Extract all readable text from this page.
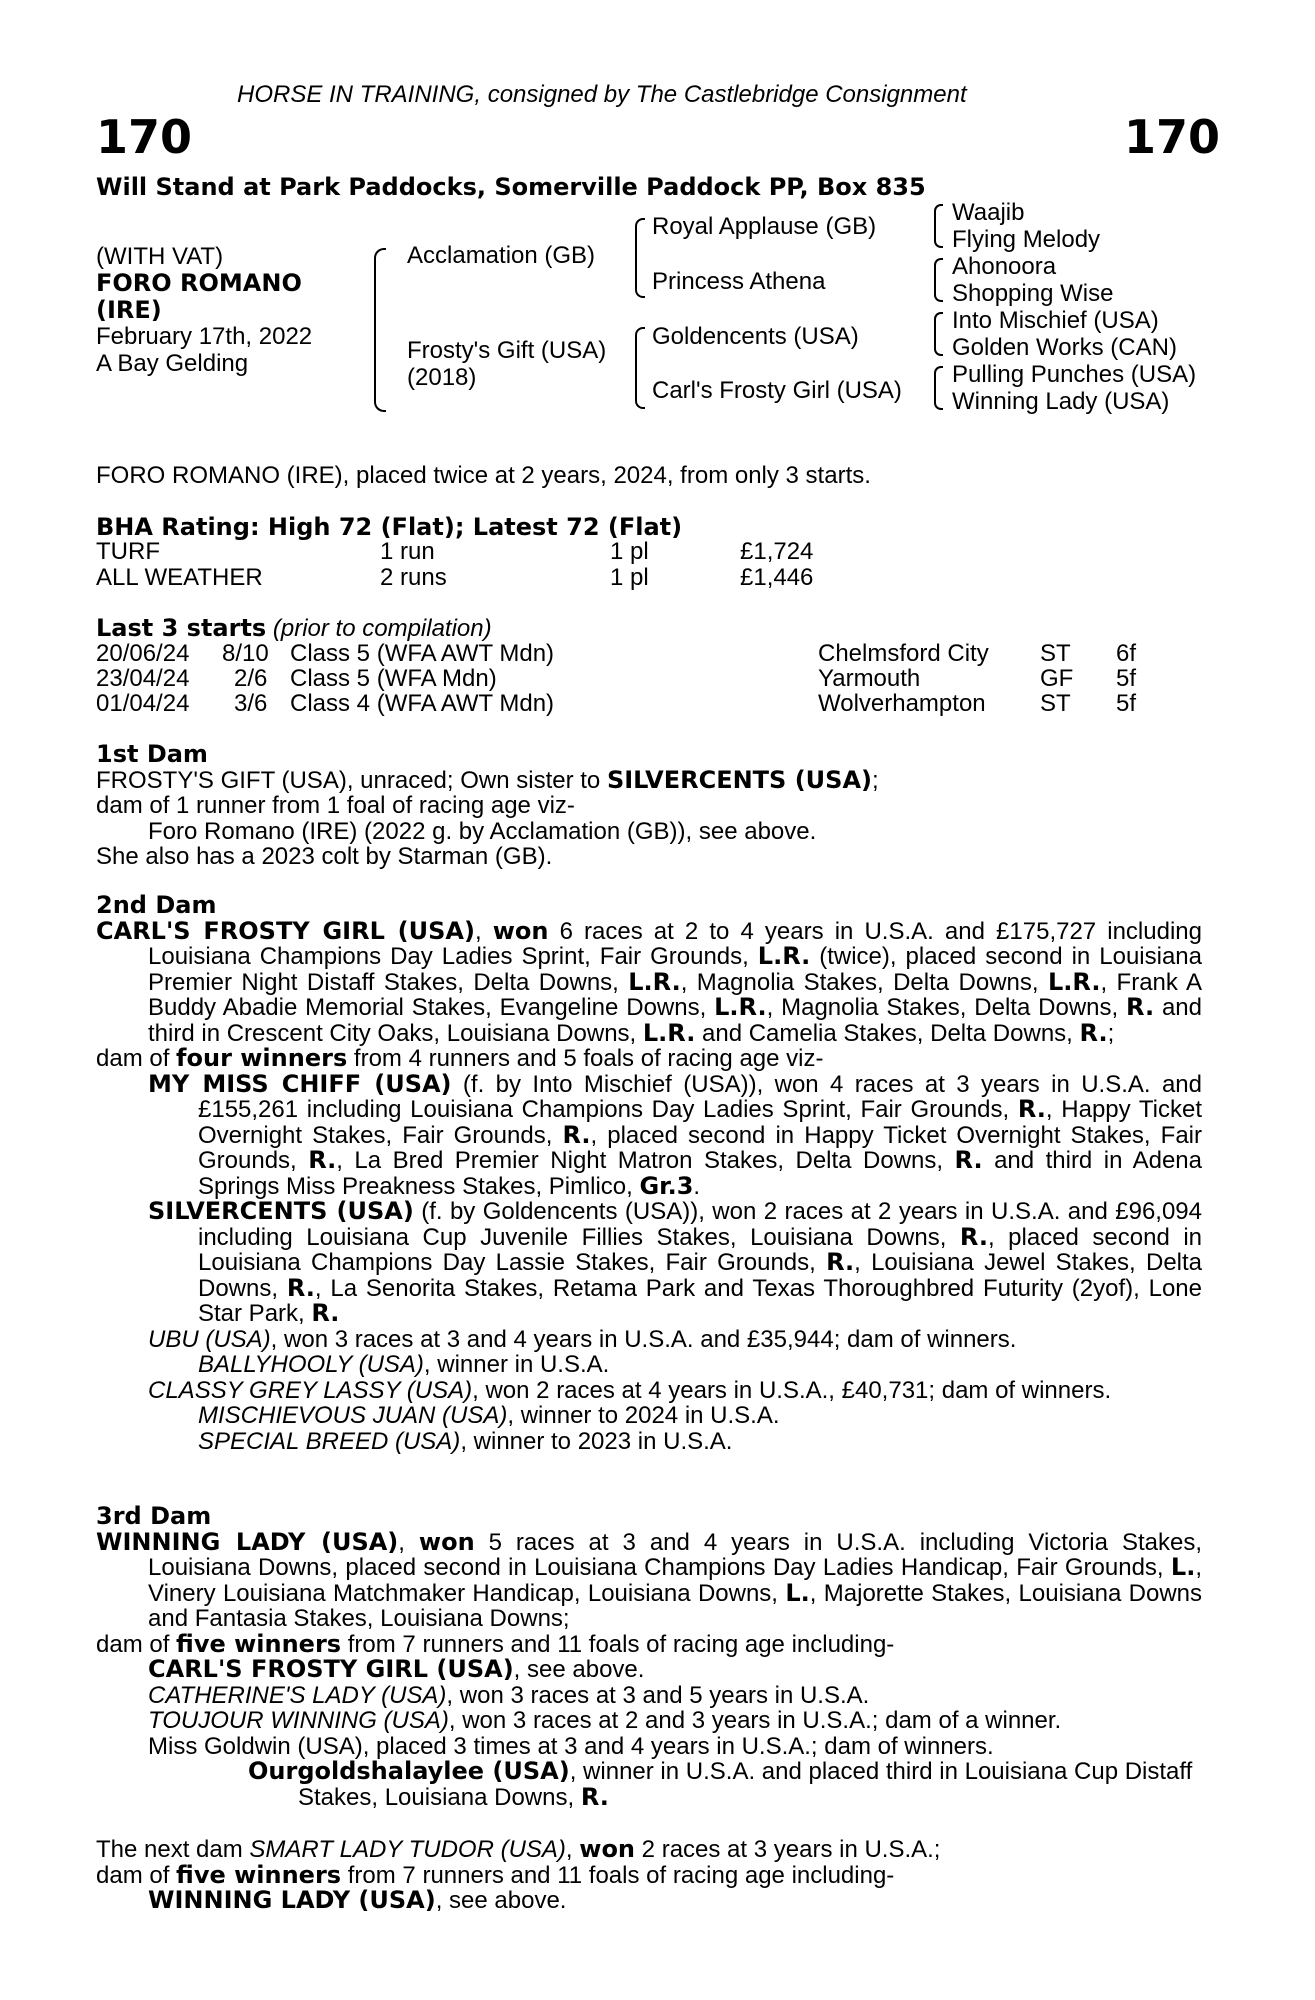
HORSE IN TRAINING, consigned by The Castlebridge Consignment
170	170
Will Stand at Park Paddocks, Somerville Paddock PP, Box 835
(WITH VAT)
FORO ROMANO
(IRE)
February 17th, 2022
A Bay Gelding
Acclamation (GB)
Frosty's Gift (USA)
(2018)
Royal Applause (GB)
Princess Athena
Goldencents (USA)
Carl's Frosty Girl (USA)
Waajib
Flying Melody
Ahonoora
Shopping Wise
Into Mischief (USA)
Golden Works (CAN)
Pulling Punches (USA)
Winning Lady (USA)
FORO ROMANO (IRE), placed twice at 2 years, 2024, from only 3 starts.
BHA Rating: High 72 (Flat); Latest 72 (Flat)
TURF	1 run	1 pl	£1,724
ALL WEATHER	2 runs	1 pl	£1,446
Last 3 starts (prior to compilation)
20/06/24 8/10 Class 5 (WFA AWT Mdn)	Chelmsford City ST 6f
23/04/24 2/6 Class 5 (WFA Mdn)	Yarmouth	GF 5f
01/04/24 3/6 Class 4 (WFA AWT Mdn)	Wolverhampton ST 5f

1st Dam

FROSTY'S GIFT (USA), unraced; Own sister to SILVERCENTS (USA);

dam of 1 runner from 1 foal of racing age viz-

Foro Romano (IRE) (2022 g. by Acclamation (GB)), see above.

She also has a 2023 colt by Starman (GB).

2nd Dam

CARL'S FROSTY GIRL (USA), won 6 races at 2 to 4 years in U.S.A. and £175,727 including Louisiana Champions Day Ladies Sprint, Fair Grounds, L.R. (twice), placed second in Louisiana Premier Night Distaff Stakes, Delta Downs, L.R., Magnolia Stakes, Delta Downs, L.R., Frank A Buddy Abadie Memorial Stakes, Evangeline Downs, L.R., Magnolia Stakes, Delta Downs, R. and third in Crescent City Oaks, Louisiana Downs, L.R. and Camelia Stakes, Delta Downs, R.;

dam of four winners from 4 runners and 5 foals of racing age viz-

MY MISS CHIFF (USA) (f. by Into Mischief (USA)), won 4 races at 3 years in U.S.A. and £155,261 including Louisiana Champions Day Ladies Sprint, Fair Grounds, R., Happy Ticket Overnight Stakes, Fair Grounds, R., placed second in Happy Ticket Overnight Stakes, Fair Grounds, R., La Bred Premier Night Matron Stakes, Delta Downs, R. and third in Adena Springs Miss Preakness Stakes, Pimlico, Gr.3.

SILVERCENTS (USA) (f. by Goldencents (USA)), won 2 races at 2 years in U.S.A. and £96,094 including Louisiana Cup Juvenile Fillies Stakes, Louisiana Downs, R., placed second in Louisiana Champions Day Lassie Stakes, Fair Grounds, R., Louisiana Jewel Stakes, Delta Downs, R., La Senorita Stakes, Retama Park and Texas Thoroughbred Futurity (2yof), Lone Star Park, R.

UBU (USA), won 3 races at 3 and 4 years in U.S.A. and £35,944; dam of winners.

BALLYHOOLY (USA), winner in U.S.A.

CLASSY GREY LASSY (USA), won 2 races at 4 years in U.S.A., £40,731; dam of winners.

MISCHIEVOUS JUAN (USA), winner to 2024 in U.S.A.

SPECIAL BREED (USA), winner to 2023 in U.S.A.

3rd Dam

WINNING LADY (USA), won 5 races at 3 and 4 years in U.S.A. including Victoria Stakes, Louisiana Downs, placed second in Louisiana Champions Day Ladies Handicap, Fair Grounds, L., Vinery Louisiana Matchmaker Handicap, Louisiana Downs, L., Majorette Stakes, Louisiana Downs and Fantasia Stakes, Louisiana Downs;

dam of five winners from 7 runners and 11 foals of racing age including-

CARL'S FROSTY GIRL (USA), see above.

CATHERINE'S LADY (USA), won 3 races at 3 and 5 years in U.S.A.

TOUJOUR WINNING (USA), won 3 races at 2 and 3 years in U.S.A.; dam of a winner.

Miss Goldwin (USA), placed 3 times at 3 and 4 years in U.S.A.; dam of winners.

Ourgoldshalaylee (USA), winner in U.S.A. and placed third in Louisiana Cup Distaff Stakes, Louisiana Downs, R.

The next dam SMART LADY TUDOR (USA), won 2 races at 3 years in U.S.A.;

dam of five winners from 7 runners and 11 foals of racing age including-

WINNING LADY (USA), see above.
